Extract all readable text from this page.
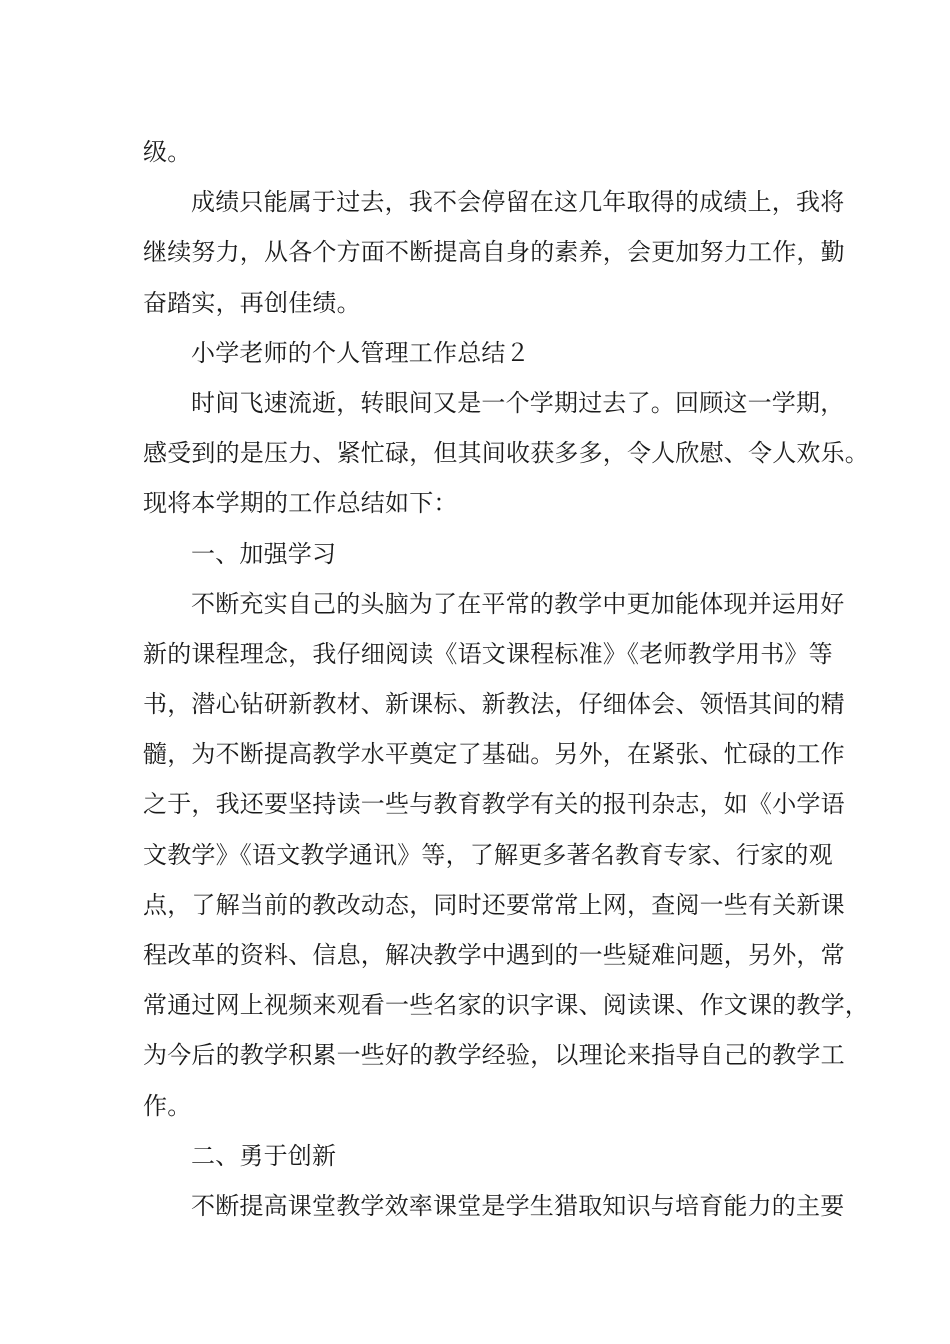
级。
成绩只能属于过去，我不会停留在这几年取得的成绩上，我将
继续努力，从各个方面不断提高自身的素养，会更加努力工作，勤
奋踏实，再创佳绩。
小学老师的个人管理工作总结２
时间飞速流逝，转眼间又是一个学期过去了。回顾这一学期，
感受到的是压力、紧忙碌，但其间收获多多，令人欣慰、令人欢乐。
现将本学期的工作总结如下：
一、加强学习
不断充实自己的头脑为了在平常的教学中更加能体现并运用好
新的课程理念，我仔细阅读《语文课程标准》《老师教学用书》等
书，潜心钻研新教材、新课标、新教法，仔细体会、领悟其间的精
髓，为不断提高教学水平奠定了基础。另外，在紧张、忙碌的工作
之于，我还要坚持读一些与教育教学有关的报刊杂志，如《小学语
文教学》《语文教学通讯》等，了解更多著名教育专家、行家的观
点，了解当前的教改动态，同时还要常常上网，查阅一些有关新课
程改革的资料、信息，解决教学中遇到的一些疑难问题，另外，常
常通过网上视频来观看一些名家的识字课、阅读课、作文课的教学，
为今后的教学积累一些好的教学经验，以理论来指导自己的教学工
作。
二、勇于创新
不断提高课堂教学效率课堂是学生猎取知识与培育能力的主要
